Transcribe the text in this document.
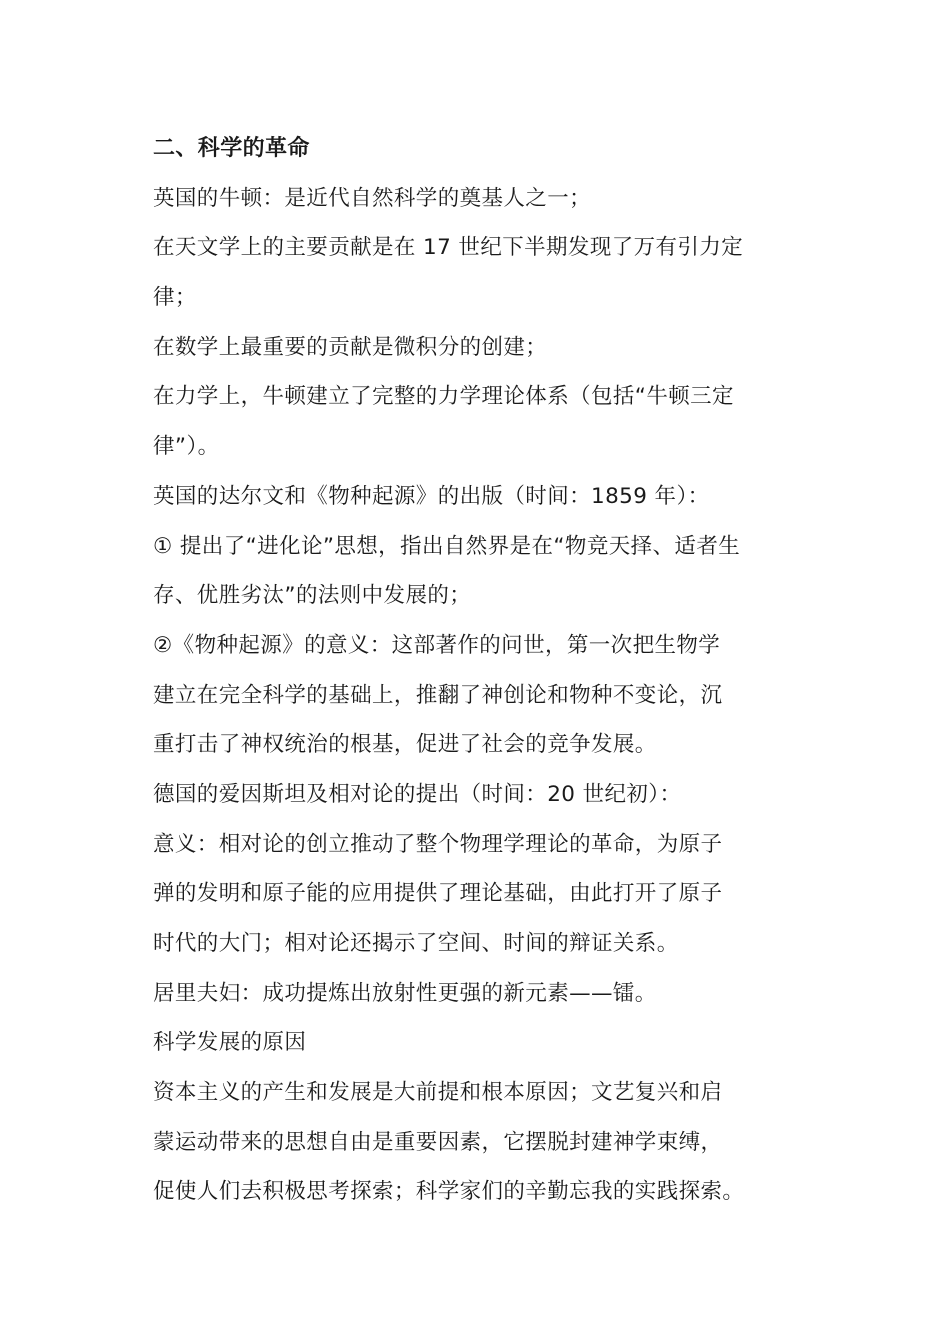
二、科学的革命
英国的牛顿：是近代自然科学的奠基人之一；
在天文学上的主要贡献是在 17 世纪下半期发现了万有引力定
律；
在数学上最重要的贡献是微积分的创建；
在力学上，牛顿建立了完整的力学理论体系（包括“牛顿三定
律”）。
英国的达尔文和《物种起源》的出版（时间：1859 年）：
① 提出了“进化论”思想，指出自然界是在“物竞天择、适者生
存、优胜劣汰”的法则中发展的；
②《物种起源》的意义：这部著作的问世，第一次把生物学
建立在完全科学的基础上，推翻了神创论和物种不变论，沉
重打击了神权统治的根基，促进了社会的竞争发展。
德国的爱因斯坦及相对论的提出（时间：20 世纪初）：
意义：相对论的创立推动了整个物理学理论的革命，为原子
弹的发明和原子能的应用提供了理论基础，由此打开了原子
时代的大门；相对论还揭示了空间、时间的辩证关系。
居里夫妇：成功提炼出放射性更强的新元素——镭。
科学发展的原因
资本主义的产生和发展是大前提和根本原因；文艺复兴和启
蒙运动带来的思想自由是重要因素，它摆脱封建神学束缚，
促使人们去积极思考探索；科学家们的辛勤忘我的实践探索。
